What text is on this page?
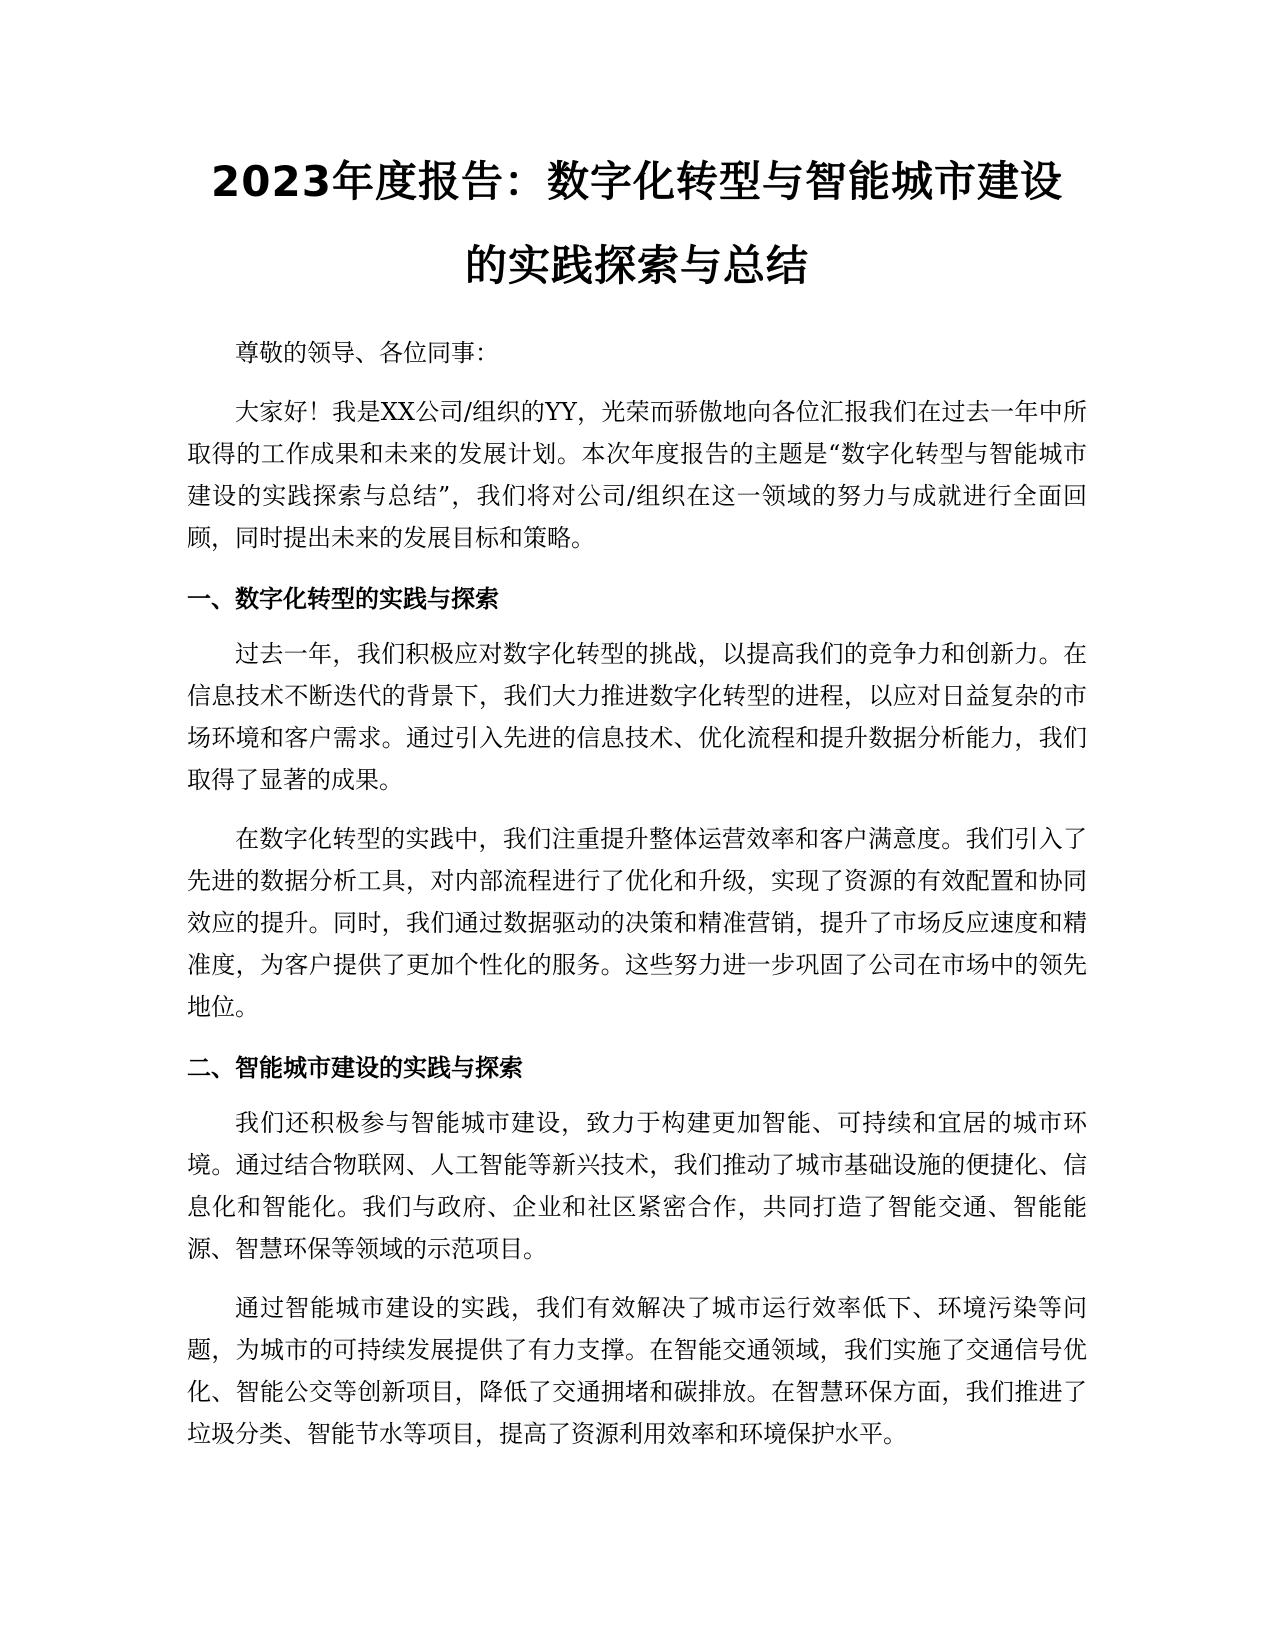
2023年度报告：数字化转型与智能城市建设
的实践探索与总结

尊敬的领导、各位同事：

大家好！我是XX公司/组织的YY，光荣而骄傲地向各位汇报我们在过去一年中所取得的工作成果和未来的发展计划。本次年度报告的主题是“数字化转型与智能城市建设的实践探索与总结”，我们将对公司/组织在这一领域的努力与成就进行全面回顾，同时提出未来的发展目标和策略。

一、数字化转型的实践与探索

过去一年，我们积极应对数字化转型的挑战，以提高我们的竞争力和创新力。在信息技术不断迭代的背景下，我们大力推进数字化转型的进程，以应对日益复杂的市场环境和客户需求。通过引入先进的信息技术、优化流程和提升数据分析能力，我们取得了显著的成果。

在数字化转型的实践中，我们注重提升整体运营效率和客户满意度。我们引入了先进的数据分析工具，对内部流程进行了优化和升级，实现了资源的有效配置和协同效应的提升。同时，我们通过数据驱动的决策和精准营销，提升了市场反应速度和精准度，为客户提供了更加个性化的服务。这些努力进一步巩固了公司在市场中的领先地位。

二、智能城市建设的实践与探索

我们还积极参与智能城市建设，致力于构建更加智能、可持续和宜居的城市环境。通过结合物联网、人工智能等新兴技术，我们推动了城市基础设施的便捷化、信息化和智能化。我们与政府、企业和社区紧密合作，共同打造了智能交通、智能能源、智慧环保等领域的示范项目。

通过智能城市建设的实践，我们有效解决了城市运行效率低下、环境污染等问题，为城市的可持续发展提供了有力支撑。在智能交通领域，我们实施了交通信号优化、智能公交等创新项目，降低了交通拥堵和碳排放。在智慧环保方面，我们推进了垃圾分类、智能节水等项目，提高了资源利用效率和环境保护水平。
